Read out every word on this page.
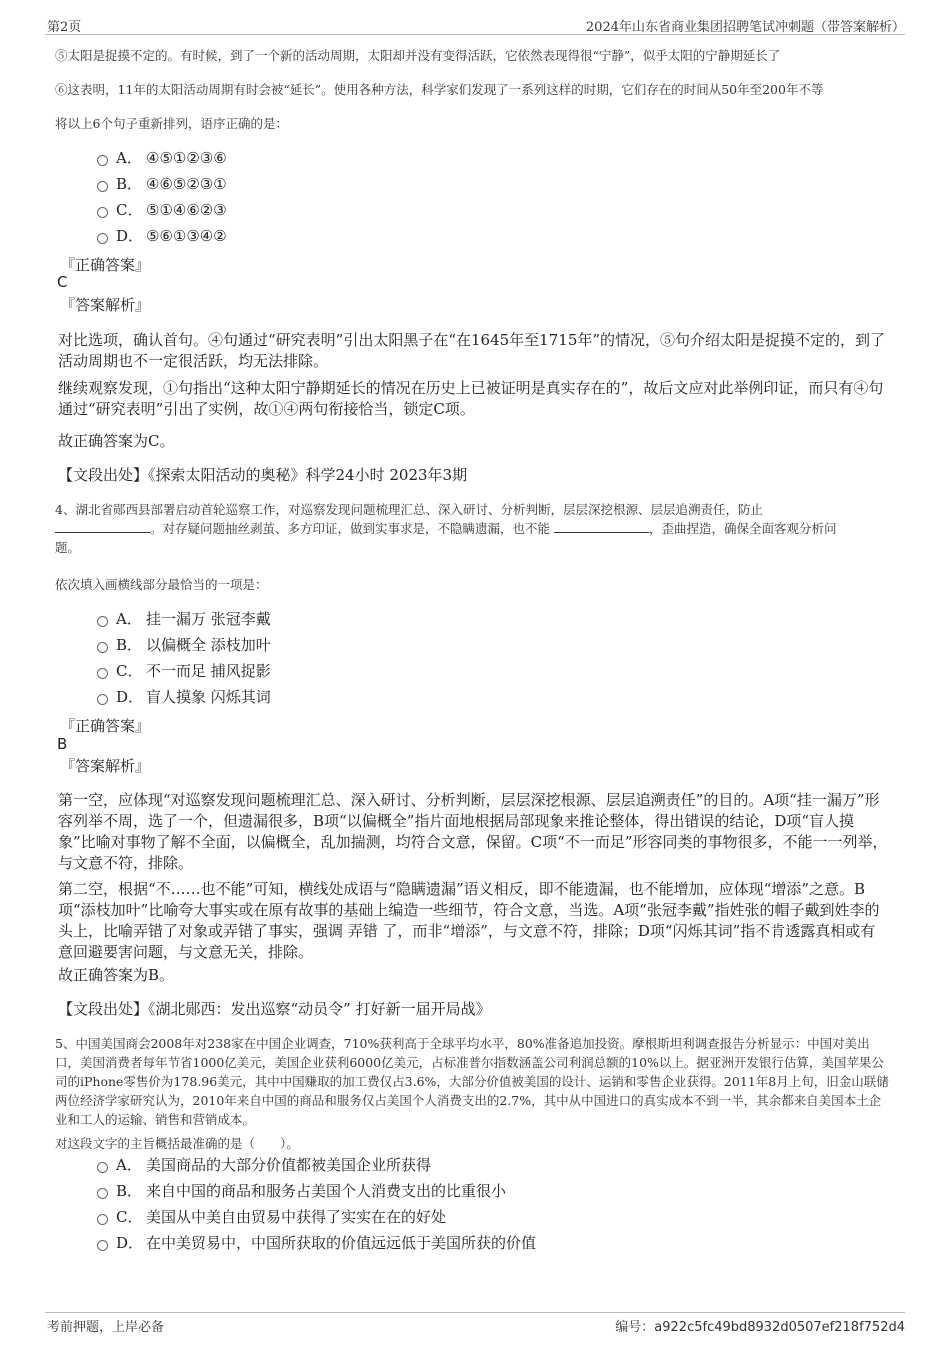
第2页	2024年山东省商业集团招聘笔试冲刺题（带答案解析）
⑤太阳是捉摸不定的。有时候，到了一个新的活动周期，太阳却并没有变得活跃，它依然表现得很“宁静”，似乎太阳的宁静期延长了
⑥这表明，11年的太阳活动周期有时会被“延长”。使用各种方法，科学家们发现了一系列这样的时期，它们存在的时间从50年至200年不等
将以上6个句子重新排列，语序正确的是：
A． ④⑤①②③⑥
B． ④⑥⑤②③①
C． ⑤①④⑥②③
D． ⑤⑥①③④②
『正确答案』
C
『答案解析』
对比选项，确认首句。④句通过“研究表明”引出太阳黑子在“在1645年至1715年”的情况，⑤句介绍太阳是捉摸不定的，到了活动周期也不一定很活跃，均无法排除。
继续观察发现，①句指出“这种太阳宁静期延长的情况在历史上已被证明是真实存在的”，故后文应对此举例印证，而只有④句通过“研究表明”引出了实例，故①④两句衔接恰当，锁定C项。
故正确答案为C。
【文段出处】《探索太阳活动的奥秘》科学24小时 2023年3期
4、湖北省郧西县部署启动首轮巡察工作，对巡察发现问题梳理汇总、深入研讨、分析判断，层层深挖根源、层层追溯责任，防止
。对存疑问题抽丝剥茧、多方印证，做到实事求是，不隐瞒遗漏，也不能	，歪曲捏造，确保全面客观分析问
题。
依次填入画横线部分最恰当的一项是：
A． 挂一漏万 张冠李戴
B． 以偏概全 添枝加叶
C． 不一而足 捕风捉影
D． 盲人摸象 闪烁其词
『正确答案』
B
『答案解析』
第一空，应体现“对巡察发现问题梳理汇总、深入研讨、分析判断，层层深挖根源、层层追溯责任”的目的。A项“挂一漏万”形容列举不周，选了一个，但遗漏很多，B项“以偏概全”指片面地根据局部现象来推论整体，得出错误的结论，D项“盲人摸象”比喻对事物了解不全面，以偏概全，乱加揣测，均符合文意，保留。C项“不一而足”形容同类的事物很多，不能一一列举，与文意不符，排除。
第二空，根据“不……也不能”可知，横线处成语与“隐瞒遗漏”语义相反，即不能遗漏，也不能增加，应体现“增添”之意。B项“添枝加叶”比喻夸大事实或在原有故事的基础上编造一些细节，符合文意，当选。A项“张冠李戴”指姓张的帽子戴到姓李的头上，比喻弄错了对象或弄错了事实，强调 弄错 了，而非“增添”，与文意不符，排除；D项“闪烁其词”指不肯透露真相或有意回避要害问题，与文意无关，排除。
故正确答案为B。
【文段出处】《湖北郧西：发出巡察“动员令” 打好新一届开局战》
5、中国美国商会2008年对238家在中国企业调查，710%获利高于全球平均水平，80%准备追加投资。摩根斯坦利调查报告分析显示：中国对美出口，美国消费者每年节省1000亿美元，美国企业获利6000亿美元，占标准普尔指数涵盖公司利润总额的10%以上。据亚洲开发银行估算，美国苹果公司的iPhone零售价为178.96美元，其中中国赚取的加工费仅占3.6%，大部分价值被美国的设计、运销和零售企业获得。2011年8月上旬，旧金山联储两位经济学家研究认为，2010年来自中国的商品和服务仅占美国个人消费支出的2.7%，其中从中国进口的真实成本不到一半，其余都来自美国本土企业和工人的运输、销售和营销成本。
对这段文字的主旨概括最准确的是（　　）。
A． 美国商品的大部分价值都被美国企业所获得
B． 来自中国的商品和服务占美国个人消费支出的比重很小
C． 美国从中美自由贸易中获得了实实在在的好处
D． 在中美贸易中，中国所获取的价值远远低于美国所获的价值
考前押题，上岸必备	编号：a922c5fc49bd8932d0507ef218f752d4
